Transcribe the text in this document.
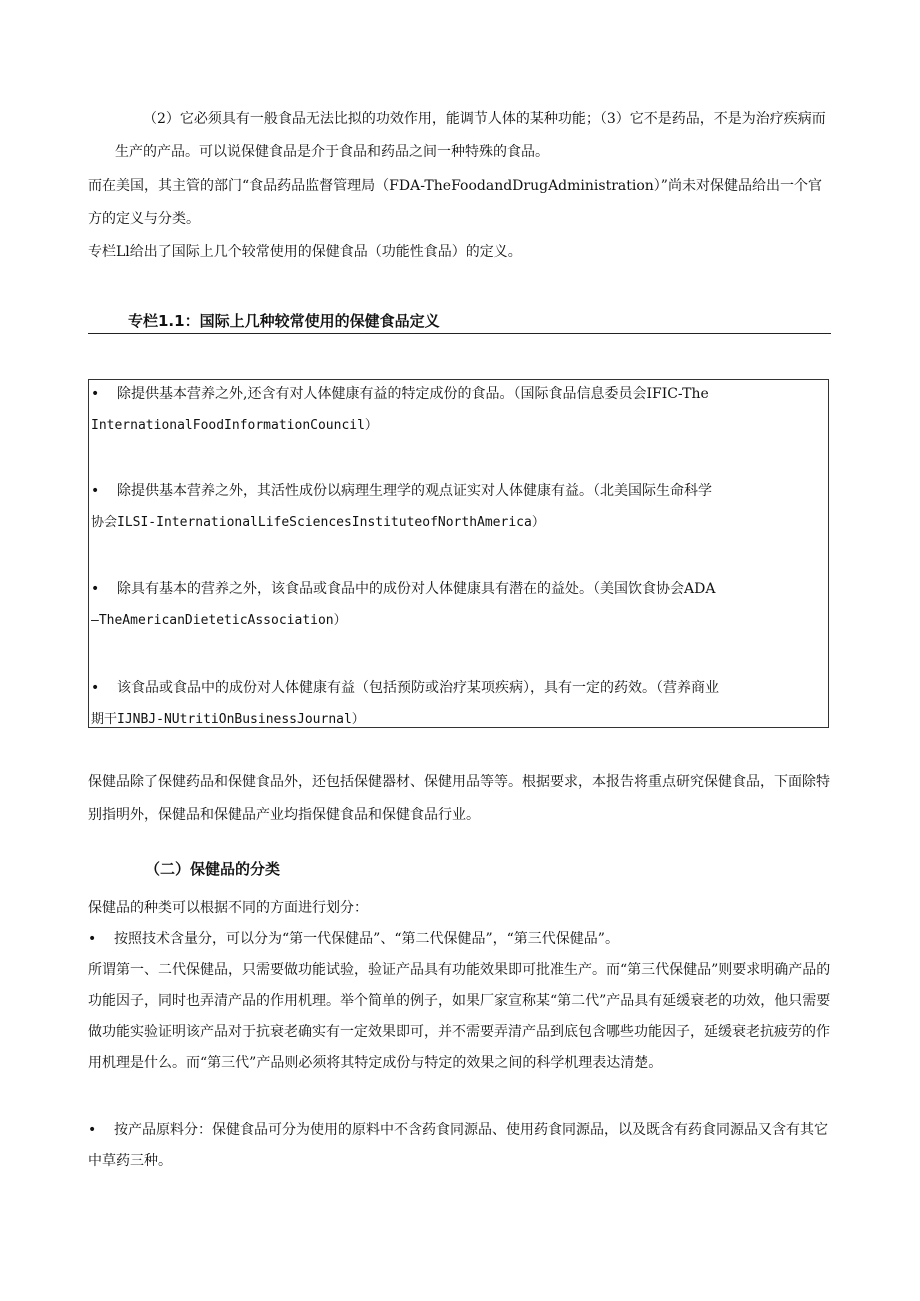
（2）它必须具有一般食品无法比拟的功效作用，能调节人体的某种功能；（3）它不是药品，不是为治疗疾病而生产的产品。可以说保健食品是介于食品和药品之间一种特殊的食品。

而在美国，其主管的部门“食品药品监督管理局（FDA-TheFoodandDrugAdministration）”尚未对保健品给出一个官方的定义与分类。

专栏Ll给出了国际上几个较常使用的保健食品（功能性食品）的定义。

专栏1.1：国际上几种较常使用的保健食品定义

• 除提供基本营养之外,还含有对人体健康有益的特定成份的食品。（国际食品信息委员会IFIC-The
InternationalFoodInformationCouncil）
• 除提供基本营养之外，其活性成份以病理生理学的观点证实对人体健康有益。（北美国际生命科学
协会ILSI-InternationalLifeSciencesInstituteofNorthAmerica）
• 除具有基本的营养之外，该食品或食品中的成份对人体健康具有潜在的益处。（美国饮食协会ADA
—TheAmericanDieteticAssociation）
• 该食品或食品中的成份对人体健康有益（包括预防或治疗某项疾病），具有一定的药效。（营养商业
期干IJNBJ-NUtritiOnBusinessJournal）

保健品除了保健药品和保健食品外，还包括保健器材、保健用品等等。根据要求，本报告将重点研究保健食品，下面除特别指明外，保健品和保健品产业均指保健食品和保健食品行业。

（二）保健品的分类

保健品的种类可以根据不同的方面进行划分：

• 按照技术含量分，可以分为“第一代保健品”、“第二代保健品”，“第三代保健品”。

所谓第一、二代保健品，只需要做功能试验，验证产品具有功能效果即可批准生产。而“第三代保健品”则要求明确产品的功能因子，同时也弄清产品的作用机理。举个简单的例子，如果厂家宣称某“第二代”产品具有延缓衰老的功效，他只需要做功能实验证明该产品对于抗衰老确实有一定效果即可，并不需要弄清产品到底包含哪些功能因子，延缓衰老抗疲劳的作用机理是什么。而“第三代”产品则必须将其特定成份与特定的效果之间的科学机理表达清楚。

• 按产品原料分：保健食品可分为使用的原料中不含药食同源品、使用药食同源品，以及既含有药食同源品又含有其它中草药三种。
